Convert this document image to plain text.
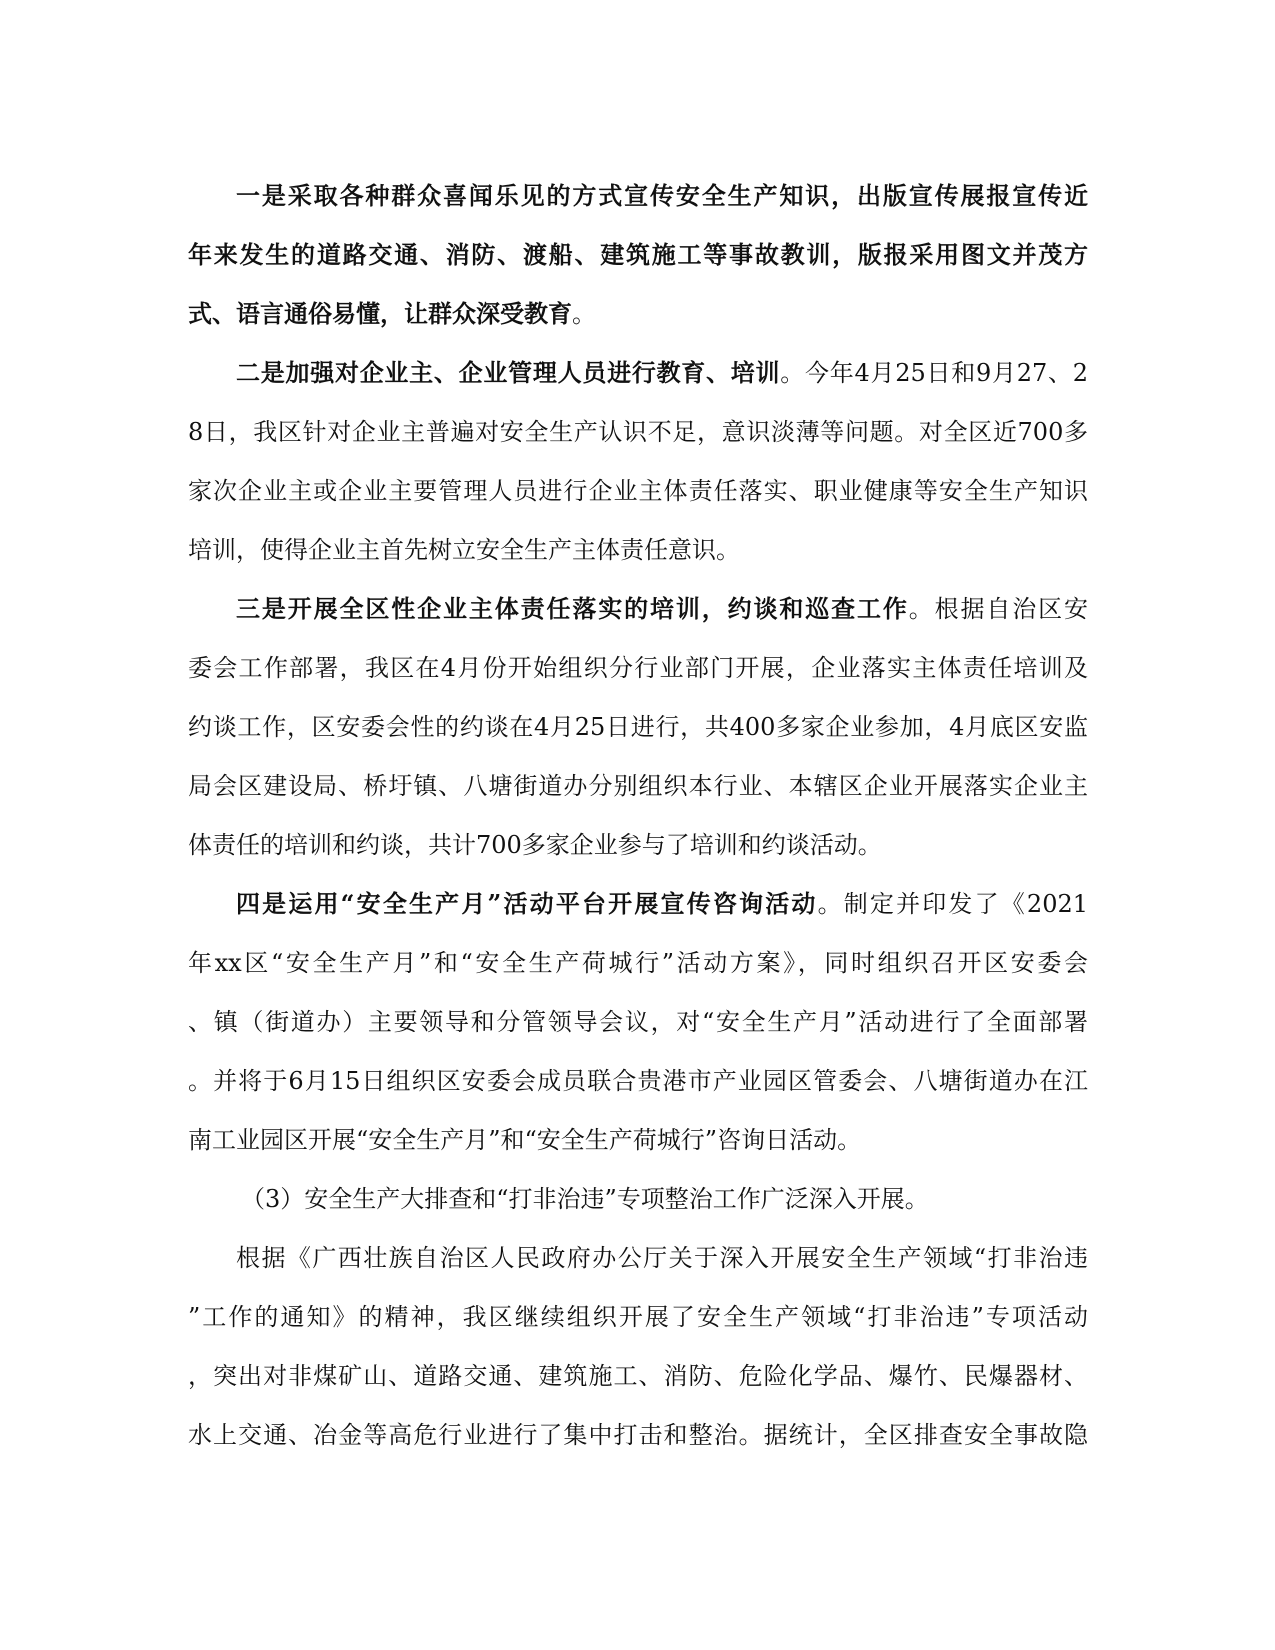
一是采取各种群众喜闻乐见的方式宣传安全生产知识，出版宣传展报宣传近
年来发生的道路交通、消防、渡船、建筑施工等事故教训，版报采用图文并茂方
式、语言通俗易懂，让群众深受教育。
二是加强对企业主、企业管理人员进行教育、培训。今年4月25日和9月27、2
8日，我区针对企业主普遍对安全生产认识不足，意识淡薄等问题。对全区近700多
家次企业主或企业主要管理人员进行企业主体责任落实、职业健康等安全生产知识
培训，使得企业主首先树立安全生产主体责任意识。
三是开展全区性企业主体责任落实的培训，约谈和巡查工作。根据自治区安
委会工作部署，我区在4月份开始组织分行业部门开展，企业落实主体责任培训及
约谈工作，区安委会性的约谈在4月25日进行，共400多家企业参加，4月底区安监
局会区建设局、桥圩镇、八塘街道办分别组织本行业、本辖区企业开展落实企业主
体责任的培训和约谈，共计700多家企业参与了培训和约谈活动。
四是运用“安全生产月”活动平台开展宣传咨询活动。制定并印发了《2021
年xx区“安全生产月”和“安全生产荷城行”活动方案》，同时组织召开区安委会
、镇（街道办）主要领导和分管领导会议，对“安全生产月”活动进行了全面部署
。并将于6月15日组织区安委会成员联合贵港市产业园区管委会、八塘街道办在江
南工业园区开展“安全生产月”和“安全生产荷城行”咨询日活动。
（3）安全生产大排查和“打非治违”专项整治工作广泛深入开展。
根据《广西壮族自治区人民政府办公厅关于深入开展安全生产领域“打非治违
”工作的通知》的精神，我区继续组织开展了安全生产领域“打非治违”专项活动
，突出对非煤矿山、道路交通、建筑施工、消防、危险化学品、爆竹、民爆器材、
水上交通、冶金等高危行业进行了集中打击和整治。据统计，全区排查安全事故隐
